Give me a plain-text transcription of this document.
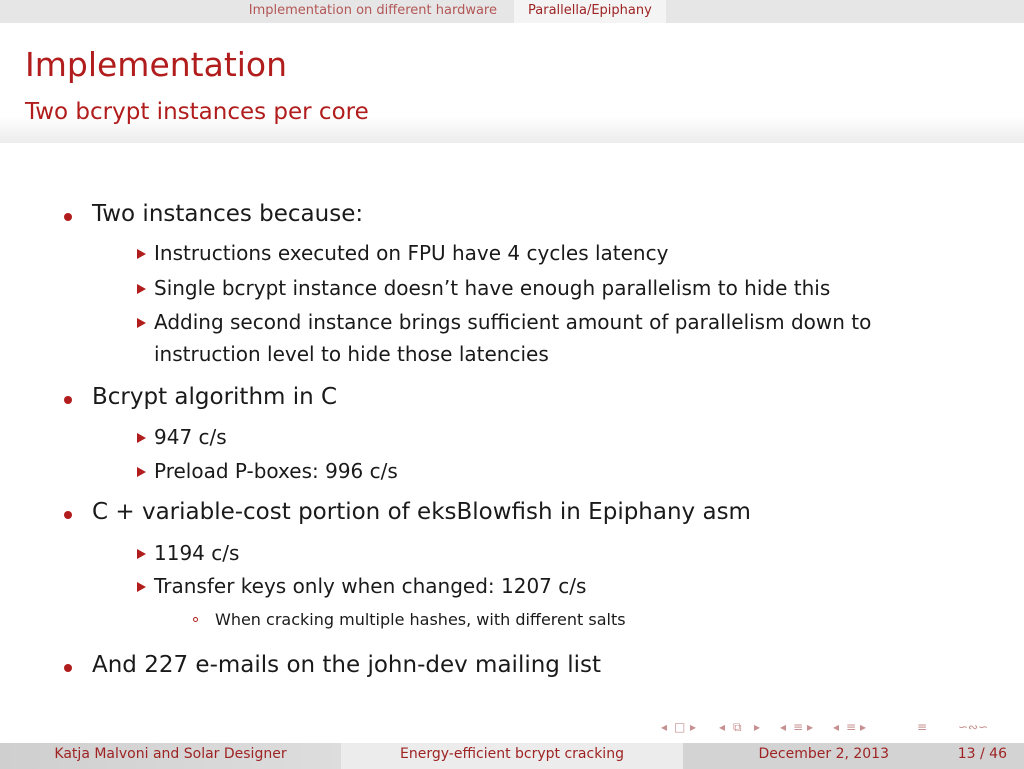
Implementation on different hardware	Parallella/Epiphany
Implementation
Two bcrypt instances per core
Two instances because:
Instructions executed on FPU have 4 cycles latency
Single bcrypt instance doesn’t have enough parallelism to hide this
Adding second instance brings sufficient amount of parallelism down to
instruction level to hide those latencies
Bcrypt algorithm in C
947 c/s
Preload P-boxes: 996 c/s
C + variable-cost portion of eksBlowfish in Epiphany asm
1194 c/s
Transfer keys only when changed: 1207 c/s
When cracking multiple hashes, with different salts
And 227 e-mails on the john-dev mailing list
◂ □ ▸ ◂ ⧉ ▸ ◂ ≡ ▸ ◂ ≡ ▸	≡	∽∾∽
Katja Malvoni and Solar Designer	Energy-efficient bcrypt cracking	December 2, 2013	13 / 46
